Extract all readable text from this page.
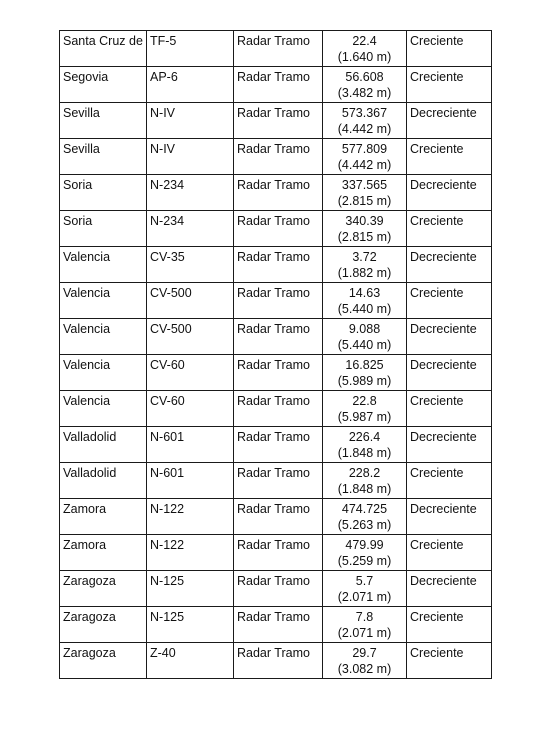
Santa Cruz de	TF-5	Radar Tramo	22.4
(1.640 m)	Creciente
Segovia	AP-6	Radar Tramo	56.608
(3.482 m)	Creciente
Sevilla	N-IV	Radar Tramo	573.367
(4.442 m)	Decreciente
Sevilla	N-IV	Radar Tramo	577.809
(4.442 m)	Creciente
Soria	N-234	Radar Tramo	337.565
(2.815 m)	Decreciente
Soria	N-234	Radar Tramo	340.39
(2.815 m)	Creciente
Valencia	CV-35	Radar Tramo	3.72
(1.882 m)	Decreciente
Valencia	CV-500	Radar Tramo	14.63
(5.440 m)	Creciente
Valencia	CV-500	Radar Tramo	9.088
(5.440 m)	Decreciente
Valencia	CV-60	Radar Tramo	16.825
(5.989 m)	Decreciente
Valencia	CV-60	Radar Tramo	22.8
(5.987 m)	Creciente
Valladolid	N-601	Radar Tramo	226.4
(1.848 m)	Decreciente
Valladolid	N-601	Radar Tramo	228.2
(1.848 m)	Creciente
Zamora	N-122	Radar Tramo	474.725
(5.263 m)	Decreciente
Zamora	N-122	Radar Tramo	479.99
(5.259 m)	Creciente
Zaragoza	N-125	Radar Tramo	5.7
(2.071 m)	Decreciente
Zaragoza	N-125	Radar Tramo	7.8
(2.071 m)	Creciente
Zaragoza	Z-40	Radar Tramo	29.7
(3.082 m)	Creciente
